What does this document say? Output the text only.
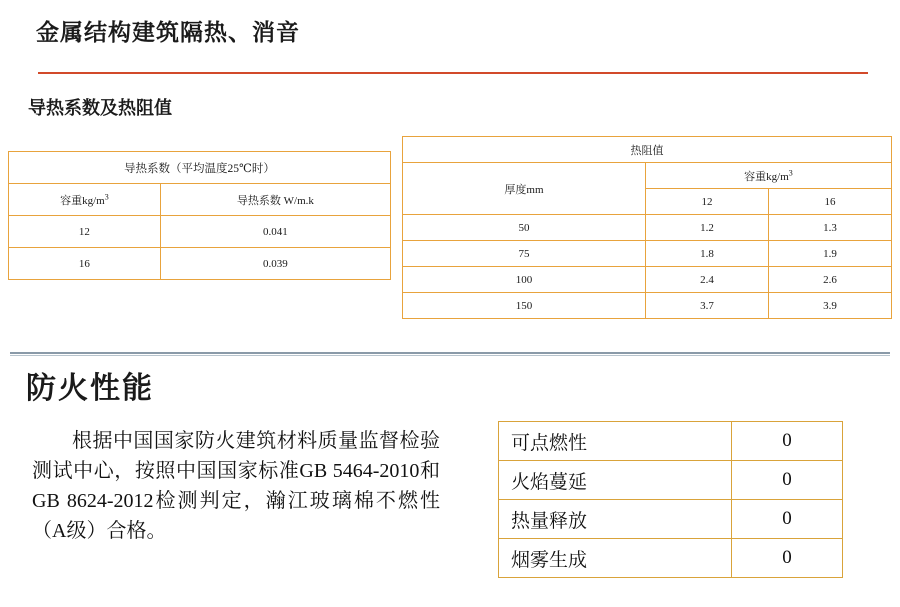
金属结构建筑隔热、消音
导热系数及热阻值
导热系数（平均温度25℃时）	
容重$kg/m^3$	导热系数 W/m.k
12	0.041
16	0.039
热阻值		
厚度mm	容重$kg/m^3$
	12	16
50	1.2	1.3
75	1.8	1.9
100	2.4	2.6
150	3.7	3.9
防火性能
根据中国国家防火建筑材料质量监督检验测试中心，按照中国国家标准GB 5464-2010和GB 8624-2012检测判定，瀚江玻璃棉不燃性（A级）合格。
可点燃性	0
火焰蔓延	0
热量释放	0
烟雾生成	0
